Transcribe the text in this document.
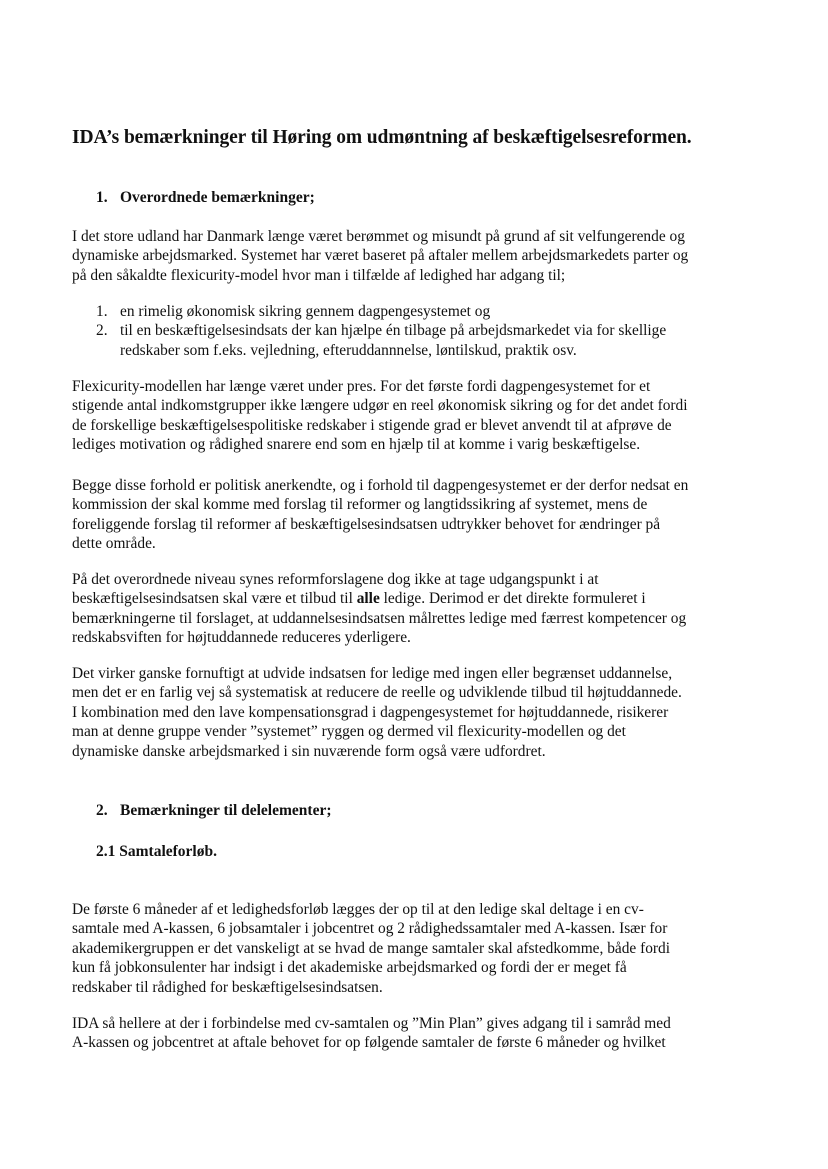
IDA’s bemærkninger til Høring om udmøntning af beskæftigelsesreformen.
1. Overordnede bemærkninger;

I det store udland har Danmark længe været berømmet og misundt på grund af sit velfungerende og
dynamiske arbejdsmarked. Systemet har været baseret på aftaler mellem arbejdsmarkedets parter og
på den såkaldte flexicurity-model hvor man i tilfælde af ledighed har adgang til;

1. en rimelig økonomisk sikring gennem dagpengesystemet og
2. til en beskæftigelsesindsats der kan hjælpe én tilbage på arbejdsmarkedet via for skellige
redskaber som f.eks. vejledning, efteruddannnelse, løntilskud, praktik osv.

Flexicurity-modellen har længe været under pres. For det første fordi dagpengesystemet for et
stigende antal indkomstgrupper ikke længere udgør en reel økonomisk sikring og for det andet fordi
de forskellige beskæftigelsespolitiske redskaber i stigende grad er blevet anvendt til at afprøve de
lediges motivation og rådighed snarere end som en hjælp til at komme i varig beskæftigelse.

Begge disse forhold er politisk anerkendte, og i forhold til dagpengesystemet er der derfor nedsat en
kommission der skal komme med forslag til reformer og langtidssikring af systemet, mens de
foreliggende forslag til reformer af beskæftigelsesindsatsen udtrykker behovet for ændringer på
dette område.

På det overordnede niveau synes reformforslagene dog ikke at tage udgangspunkt i at
beskæftigelsesindsatsen skal være et tilbud til alle ledige. Derimod er det direkte formuleret i
bemærkningerne til forslaget, at uddannelsesindsatsen målrettes ledige med færrest kompetencer og
redskabsviften for højtuddannede reduceres yderligere.

Det virker ganske fornuftigt at udvide indsatsen for ledige med ingen eller begrænset uddannelse,
men det er en farlig vej så systematisk at reducere de reelle og udviklende tilbud til højtuddannede.
I kombination med den lave kompensationsgrad i dagpengesystemet for højtuddannede, risikerer
man at denne gruppe vender ”systemet” ryggen og dermed vil flexicurity-modellen og det
dynamiske danske arbejdsmarked i sin nuværende form også være udfordret.

2. Bemærkninger til delelementer;
2.1 Samtaleforløb.

De første 6 måneder af et ledighedsforløb lægges der op til at den ledige skal deltage i en cv-
samtale med A-kassen, 6 jobsamtaler i jobcentret og 2 rådighedssamtaler med A-kassen. Især for
akademikergruppen er det vanskeligt at se hvad de mange samtaler skal afstedkomme, både fordi
kun få jobkonsulenter har indsigt i det akademiske arbejdsmarked og fordi der er meget få
redskaber til rådighed for beskæftigelsesindsatsen.

IDA så hellere at der i forbindelse med cv-samtalen og ”Min Plan” gives adgang til i samråd med
A-kassen og jobcentret at aftale behovet for op følgende samtaler de første 6 måneder og hvilket
